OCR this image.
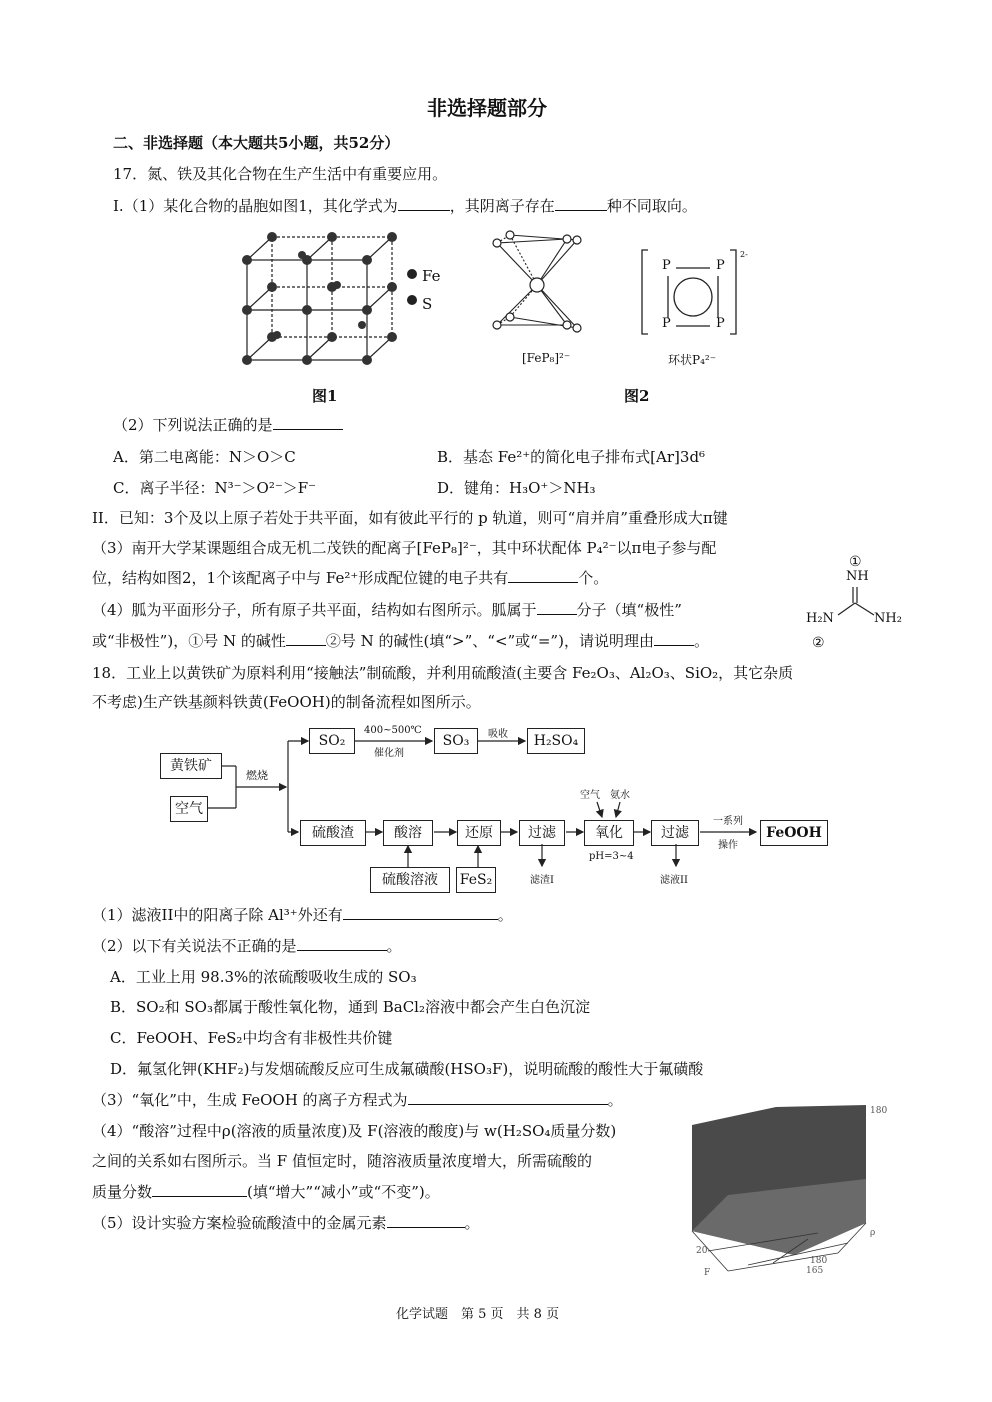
非选择题部分
二、非选择题（本大题共5小题，共52分）
17．氮、铁及其化合物在生产生活中有重要应用。
I.（1）某化合物的晶胞如图1，其化学式为	，其阴离子存在	种不同取向。
Fe
S
图1
[FeP₈]²⁻
P	P
P	P
2-
环状P₄²⁻
图2
（2）下列说法正确的是
A．第二电离能：N＞O＞C	B．基态 Fe²⁺的简化电子排布式[Ar]3d⁶
C．离子半径：N³⁻＞O²⁻＞F⁻	D．键角：H₃O⁺＞NH₃
II．已知：3个及以上原子若处于共平面，如有彼此平行的 p 轨道，则可“肩并肩”重叠形成大π键
（3）南开大学某课题组合成无机二茂铁的配离子[FeP₈]²⁻，其中环状配体 P₄²⁻以π电子参与配
位，结构如图2，1个该配离子中与 Fe²⁺形成配位键的电子共有	个。
（4）胍为平面形分子，所有原子共平面，结构如右图所示。胍属于	分子（填“极性”
或“非极性”)，①号 N 的碱性	②号 N 的碱性(填“>”、“<”或“=”)，请说明理由	。
①
NH
H₂N	NH₂
②
18．工业上以黄铁矿为原料利用“接触法”制硫酸，并利用硫酸渣(主要含 Fe₂O₃、Al₂O₃、SiO₂，其它杂质
不考虑)生产铁基颜料铁黄(FeOOH)的制备流程如图所示。
黄铁矿
空气
燃烧
SO₂
400~500℃
催化剂
SO₃	吸收	H₂SO₄
硫酸渣	酸溶	还原	过滤	氧化	过滤
一系列
操作
FeOOH
硫酸溶液	FeS₂	滤渣I	滤液II
pH=3~4
空气 氨水
（1）滤液II中的阳离子除 Al³⁺外还有	。
（2）以下有关说法不正确的是	。
A．工业上用 98.3%的浓硫酸吸收生成的 SO₃
B．SO₂和 SO₃都属于酸性氧化物，通到 BaCl₂溶液中都会产生白色沉淀
C．FeOOH、FeS₂中均含有非极性共价键
D．氟氢化钾(KHF₂)与发烟硫酸反应可生成氟磺酸(HSO₃F)，说明硫酸的酸性大于氟磺酸
（3）“氧化”中，生成 FeOOH 的离子方程式为	。
（4）“酸溶”过程中ρ(溶液的质量浓度)及 F(溶液的酸度)与 w(H₂SO₄质量分数)
之间的关系如右图所示。当 F 值恒定时，随溶液质量浓度增大，所需硫酸的
质量分数	(填“增大”“减小”或“不变”)。
（5）设计实验方案检验硫酸渣中的金属元素	。
180
F
ρ
20
180
165
化学试题　第 5 页　共 8 页
